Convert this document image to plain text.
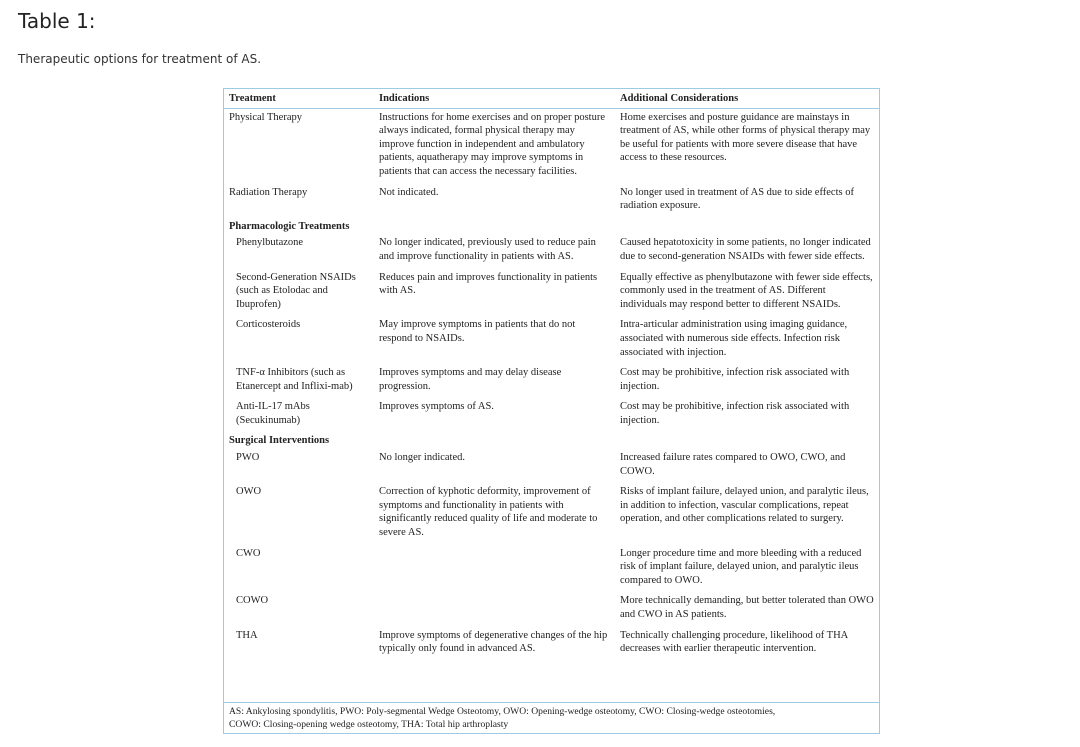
Table 1:

Therapeutic options for treatment of AS.

Treatment	Indications	Additional Considerations
Physical Therapy	Instructions for home exercises and on proper posture always indicated, formal physical therapy may improve function in independent and ambulatory patients, aquatherapy may improve symptoms in patients that can access the necessary facilities.	Home exercises and posture guidance are mainstays in treatment of AS, while other forms of physical therapy may be useful for patients with more severe disease that have access to these resources.
Radiation Therapy	Not indicated.	No longer used in treatment of AS due to side effects of radiation exposure.
Pharmacologic Treatments		
Phenylbutazone	No longer indicated, previously used to reduce pain and improve functionality in patients with AS.	Caused hepatotoxicity in some patients, no longer indicated due to second-generation NSAIDs with fewer side effects.
Second-Generation NSAIDs (such as Etolodac and Ibuprofen)	Reduces pain and improves functionality in patients with AS.	Equally effective as phenylbutazone with fewer side effects, commonly used in the treatment of AS. Different individuals may respond better to different NSAIDs.
Corticosteroids	May improve symptoms in patients that do not respond to NSAIDs.	Intra-articular administration using imaging guidance, associated with numerous side effects. Infection risk associated with injection.
TNF-α Inhibitors (such as Etanercept and Inflixi-mab)	Improves symptoms and may delay disease progression.	Cost may be prohibitive, infection risk associated with injection.
Anti-IL-17 mAbs (Secukinumab)	Improves symptoms of AS.	Cost may be prohibitive, infection risk associated with injection.
Surgical Interventions		
PWO	No longer indicated.	Increased failure rates compared to OWO, CWO, and COWO.
OWO	Correction of kyphotic deformity, improvement of symptoms and functionality in patients with significantly reduced quality of life and moderate to severe AS.	Risks of implant failure, delayed union, and paralytic ileus, in addition to infection, vascular complications, repeat operation, and other complications related to surgery.
CWO		Longer procedure time and more bleeding with a reduced risk of implant failure, delayed union, and paralytic ileus compared to OWO.
COWO		More technically demanding, but better tolerated than OWO and CWO in AS patients.
THA	Improve symptoms of degenerative changes of the hip typically only found in advanced AS.	Technically challenging procedure, likelihood of THA decreases with earlier therapeutic intervention.
AS: Ankylosing spondylitis, PWO: Poly-segmental Wedge Osteotomy, OWO: Opening-wedge osteotomy, CWO: Closing-wedge osteotomies,
COWO: Closing-opening wedge osteotomy, THA: Total hip arthroplasty
